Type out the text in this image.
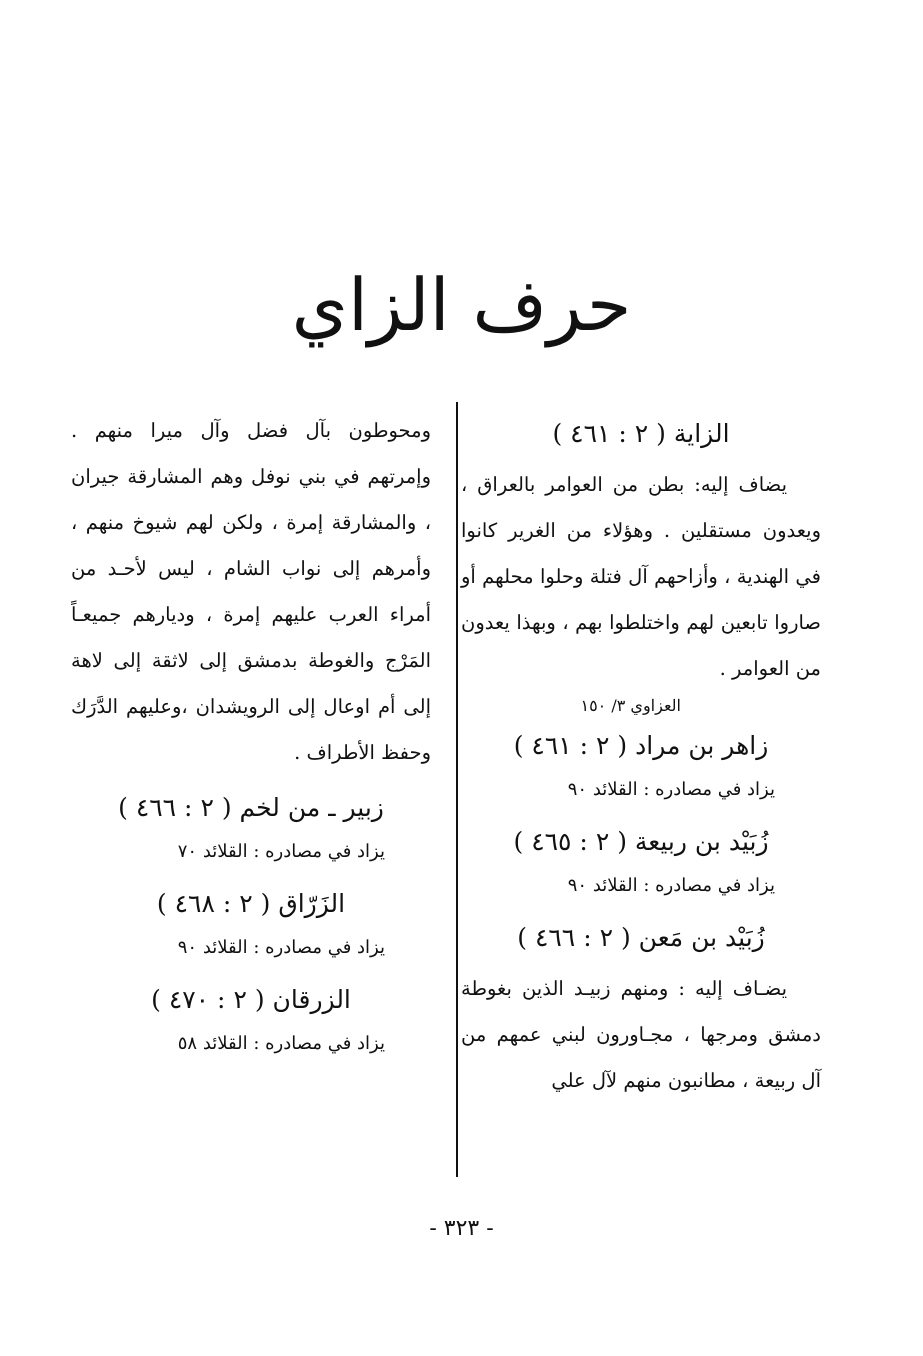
حرف الزاي
الزاية ( ٢ : ٤٦١ )

يضاف إليه: بطن من العوامر بالعراق ، ويعدون مستقلين . وهؤلاء من الغرير كانوا في الهندية ، وأزاحهم آل فتلة وحلوا محلهم أو صاروا تابعين لهم واختلطوا بهم ، وبهذا يعدون من العوامر .

العزاوي ٣/ ١٥٠
زاهر بن مراد ( ٢ : ٤٦١ )
يزاد في مصادره : القلائد ٩٠
زُبَيْد بن ربيعة ( ٢ : ٤٦٥ )
يزاد في مصادره : القلائد ٩٠
زُبَيْد بن مَعن ( ٢ : ٤٦٦ )

يضـاف إليه : ومنهم زبيـد الذين بغوطة دمشق ومرجها ، مجـاورون لبني عمهم من آل ربيعة ، مطانبون منهم لآل علي

ومحوطون بآل فضل وآل ميرا منهم . وإمرتهم في بني نوفل وهم المشارقة جيران ، والمشارقة إمرة ، ولكن لهم شيوخ منهم ، وأمرهم إلى نواب الشام ، ليس لأحـد من أمراء العرب عليهم إمرة ، وديارهم جميعـاً المَرْج والغوطة بدمشق إلى لاثقة إلى لاهة إلى أم اوعال إلى الرويشدان ،وعليهم الدَّرَك وحفظ الأطراف .

زبير ـ من لخم ( ٢ : ٤٦٦ )
يزاد في مصادره : القلائد ٧٠
الزَرّاق ( ٢ : ٤٦٨ )
يزاد في مصادره : القلائد ٩٠
الزرقان ( ٢ : ٤٧٠ )
يزاد في مصادره : القلائد ٥٨
- ٣٢٣ -
